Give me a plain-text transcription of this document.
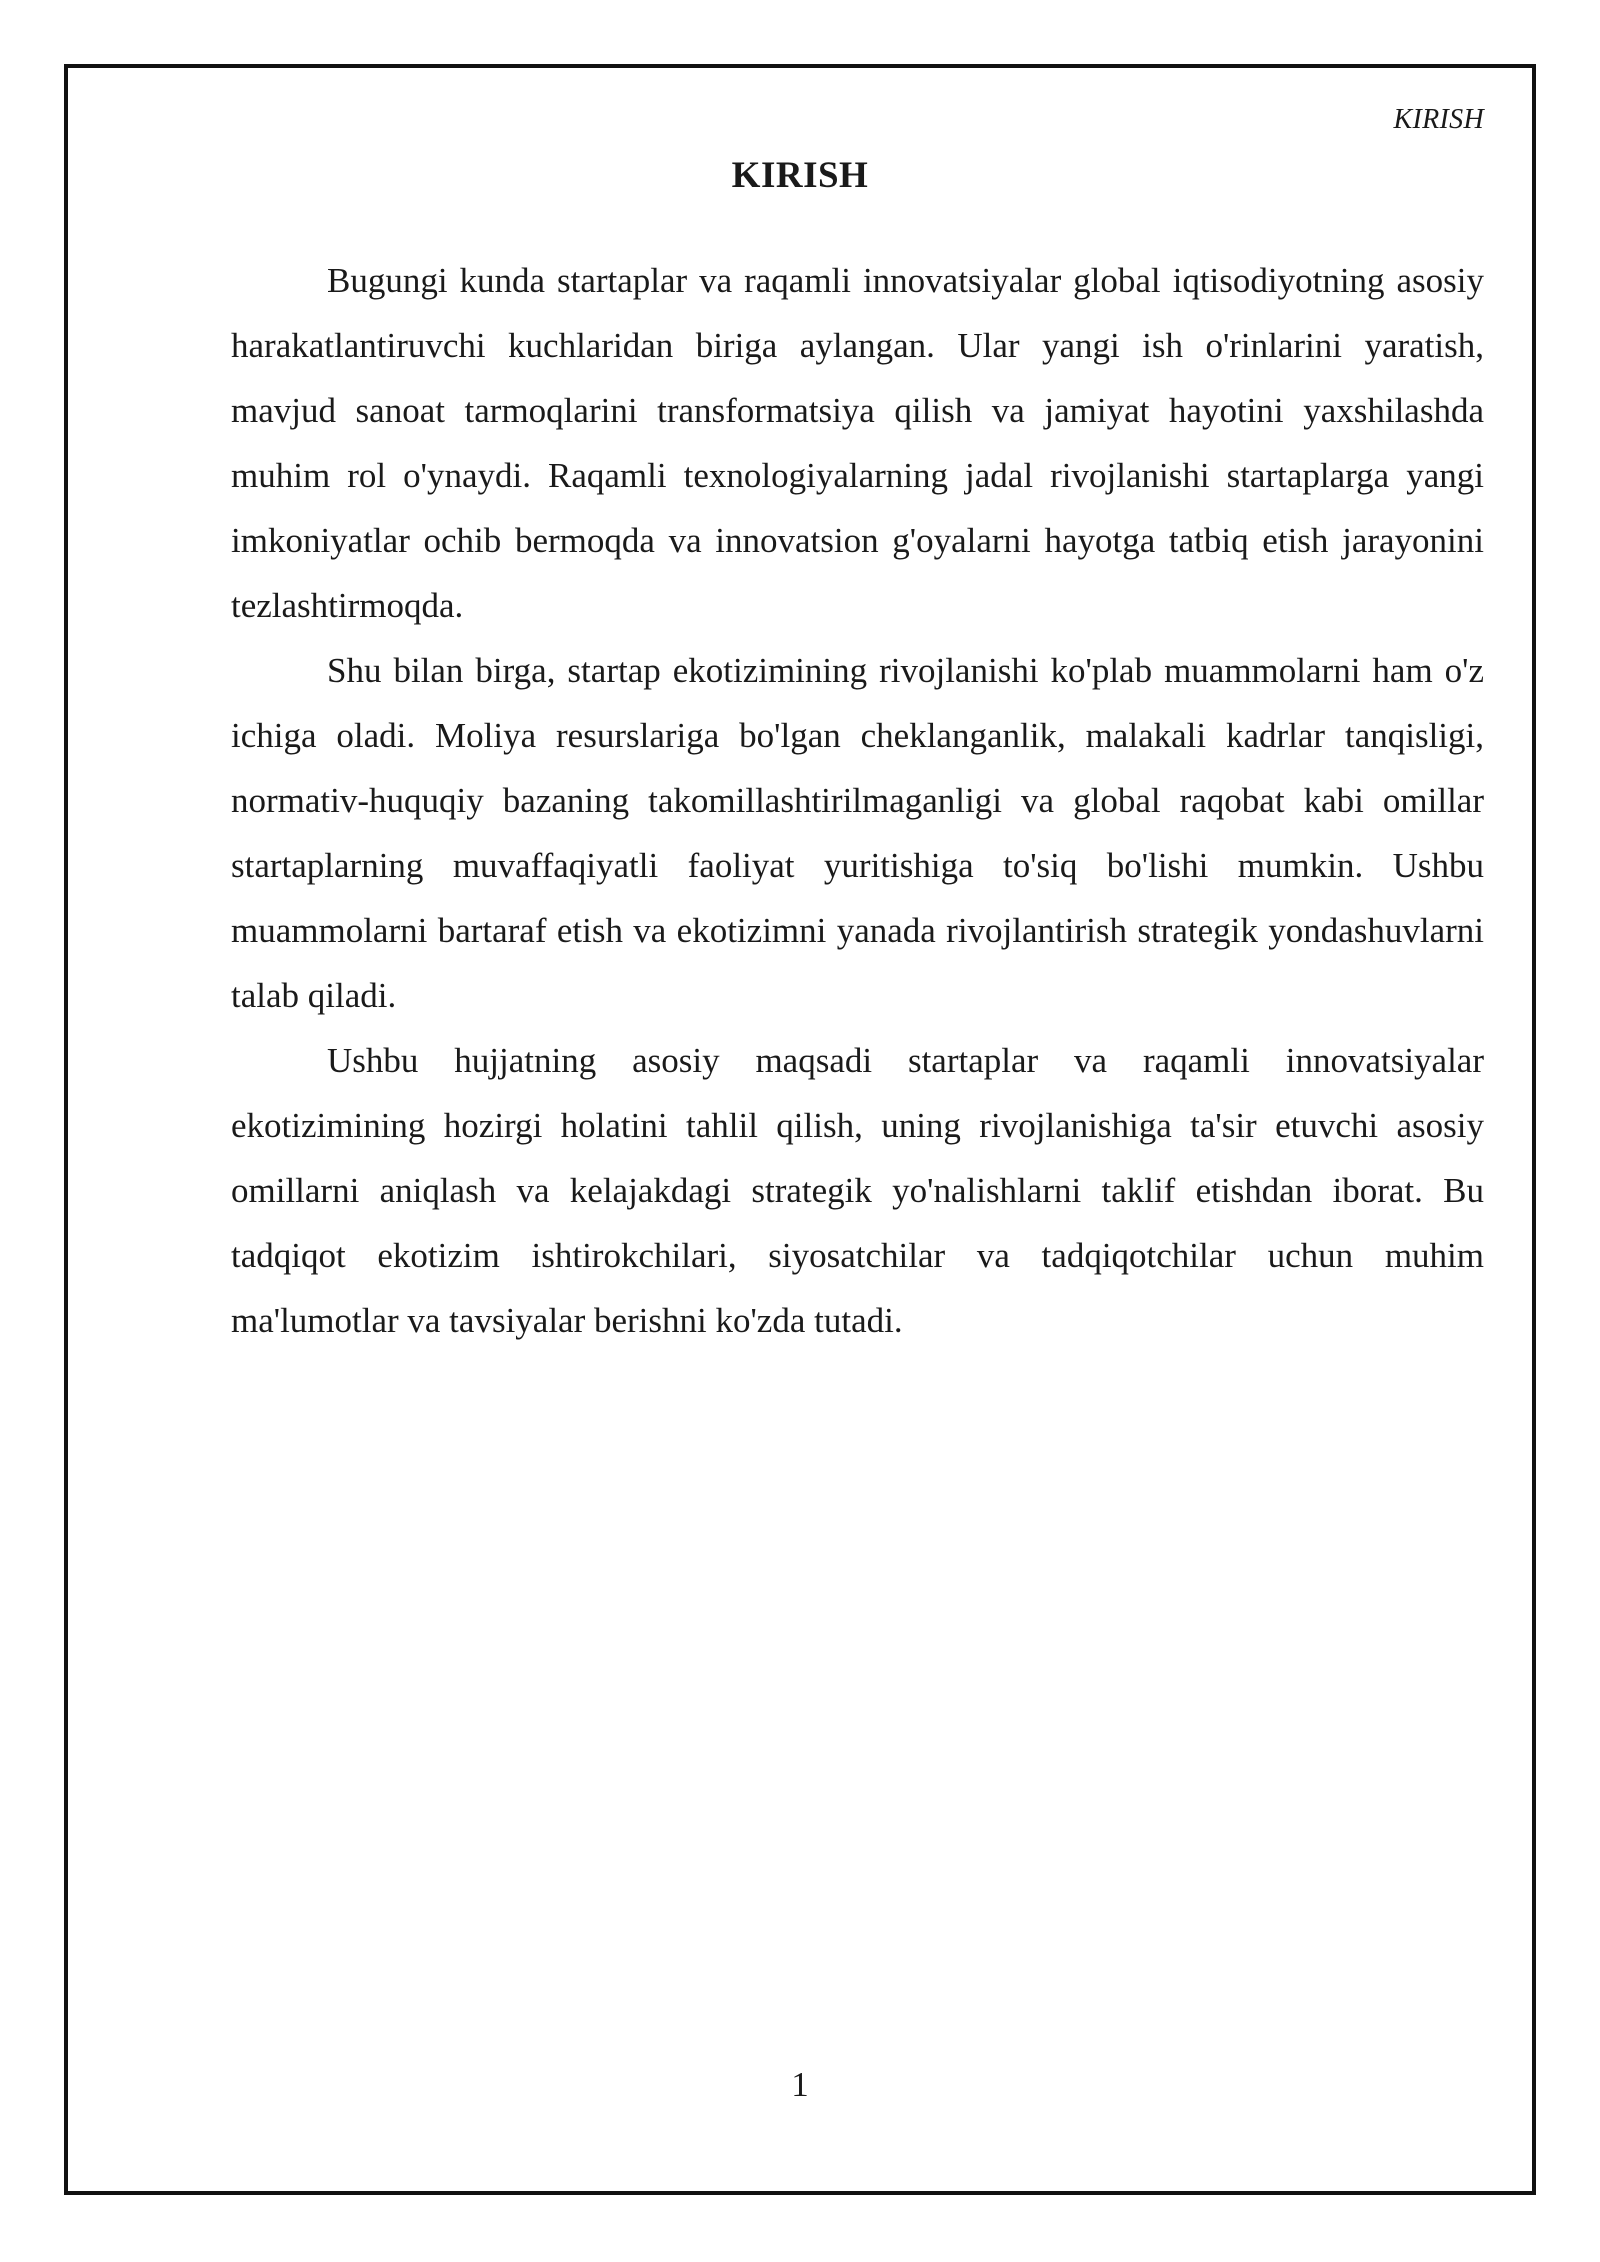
KIRISH
KIRISH

Bugungi kunda startaplar va raqamli innovatsiyalar global iqtisodiyotning asosiy harakatlantiruvchi kuchlaridan biriga aylangan. Ular yangi ish o'rinlarini yaratish, mavjud sanoat tarmoqlarini transformatsiya qilish va jamiyat hayotini yaxshilashda muhim rol o'ynaydi. Raqamli texnologiyalarning jadal rivojlanishi startaplarga yangi imkoniyatlar ochib bermoqda va innovatsion g'oyalarni hayotga tatbiq etish jarayonini tezlashtirmoqda.

Shu bilan birga, startap ekotizimining rivojlanishi ko'plab muammolarni ham o'z ichiga oladi. Moliya resurslariga bo'lgan cheklanganlik, malakali kadrlar tanqisligi, normativ-huquqiy bazaning takomillashtirilmaganligi va global raqobat kabi omillar startaplarning muvaffaqiyatli faoliyat yuritishiga to'siq bo'lishi mumkin. Ushbu muammolarni bartaraf etish va ekotizimni yanada rivojlantirish strategik yondashuvlarni talab qiladi.

Ushbu hujjatning asosiy maqsadi startaplar va raqamli innovatsiyalar ekotizimining hozirgi holatini tahlil qilish, uning rivojlanishiga ta'sir etuvchi asosiy omillarni aniqlash va kelajakdagi strategik yo'nalishlarni taklif etishdan iborat. Bu tadqiqot ekotizim ishtirokchilari, siyosatchilar va tadqiqotchilar uchun muhim ma'lumotlar va tavsiyalar berishni ko'zda tutadi.

1
